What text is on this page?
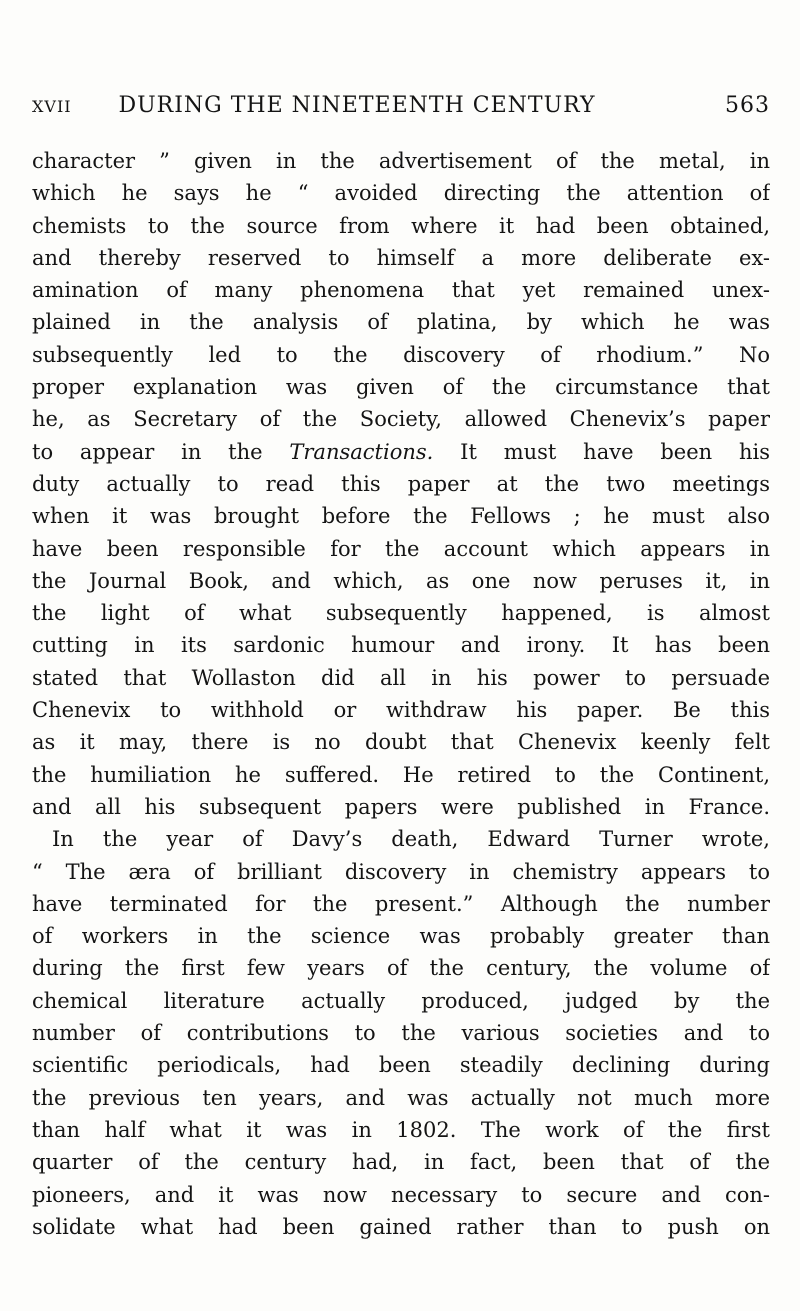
XVII	DURING THE NINETEENTH CENTURY	563
character ” given in the advertisement of the metal, in
which he says he “ avoided directing the attention of
chemists to the source from where it had been obtained,
and thereby reserved to himself a more deliberate ex-
amination of many phenomena that yet remained unex-
plained in the analysis of platina, by which he was
subsequently led to the discovery of rhodium.” No
proper explanation was given of the circumstance that
he, as Secretary of the Society, allowed Chenevix’s paper
to appear in the Transactions. It must have been his
duty actually to read this paper at the two meetings
when it was brought before the Fellows ; he must also
have been responsible for the account which appears in
the Journal Book, and which, as one now peruses it, in
the light of what subsequently happened, is almost
cutting in its sardonic humour and irony. It has been
stated that Wollaston did all in his power to persuade
Chenevix to withhold or withdraw his paper. Be this
as it may, there is no doubt that Chenevix keenly felt
the humiliation he suffered. He retired to the Continent,
and all his subsequent papers were published in France.
In the year of Davy’s death, Edward Turner wrote,
“ The æra of brilliant discovery in chemistry appears to
have terminated for the present.” Although the number
of workers in the science was probably greater than
during the first few years of the century, the volume of
chemical literature actually produced, judged by the
number of contributions to the various societies and to
scientific periodicals, had been steadily declining during
the previous ten years, and was actually not much more
than half what it was in 1802. The work of the first
quarter of the century had, in fact, been that of the
pioneers, and it was now necessary to secure and con-
solidate what had been gained rather than to push on
